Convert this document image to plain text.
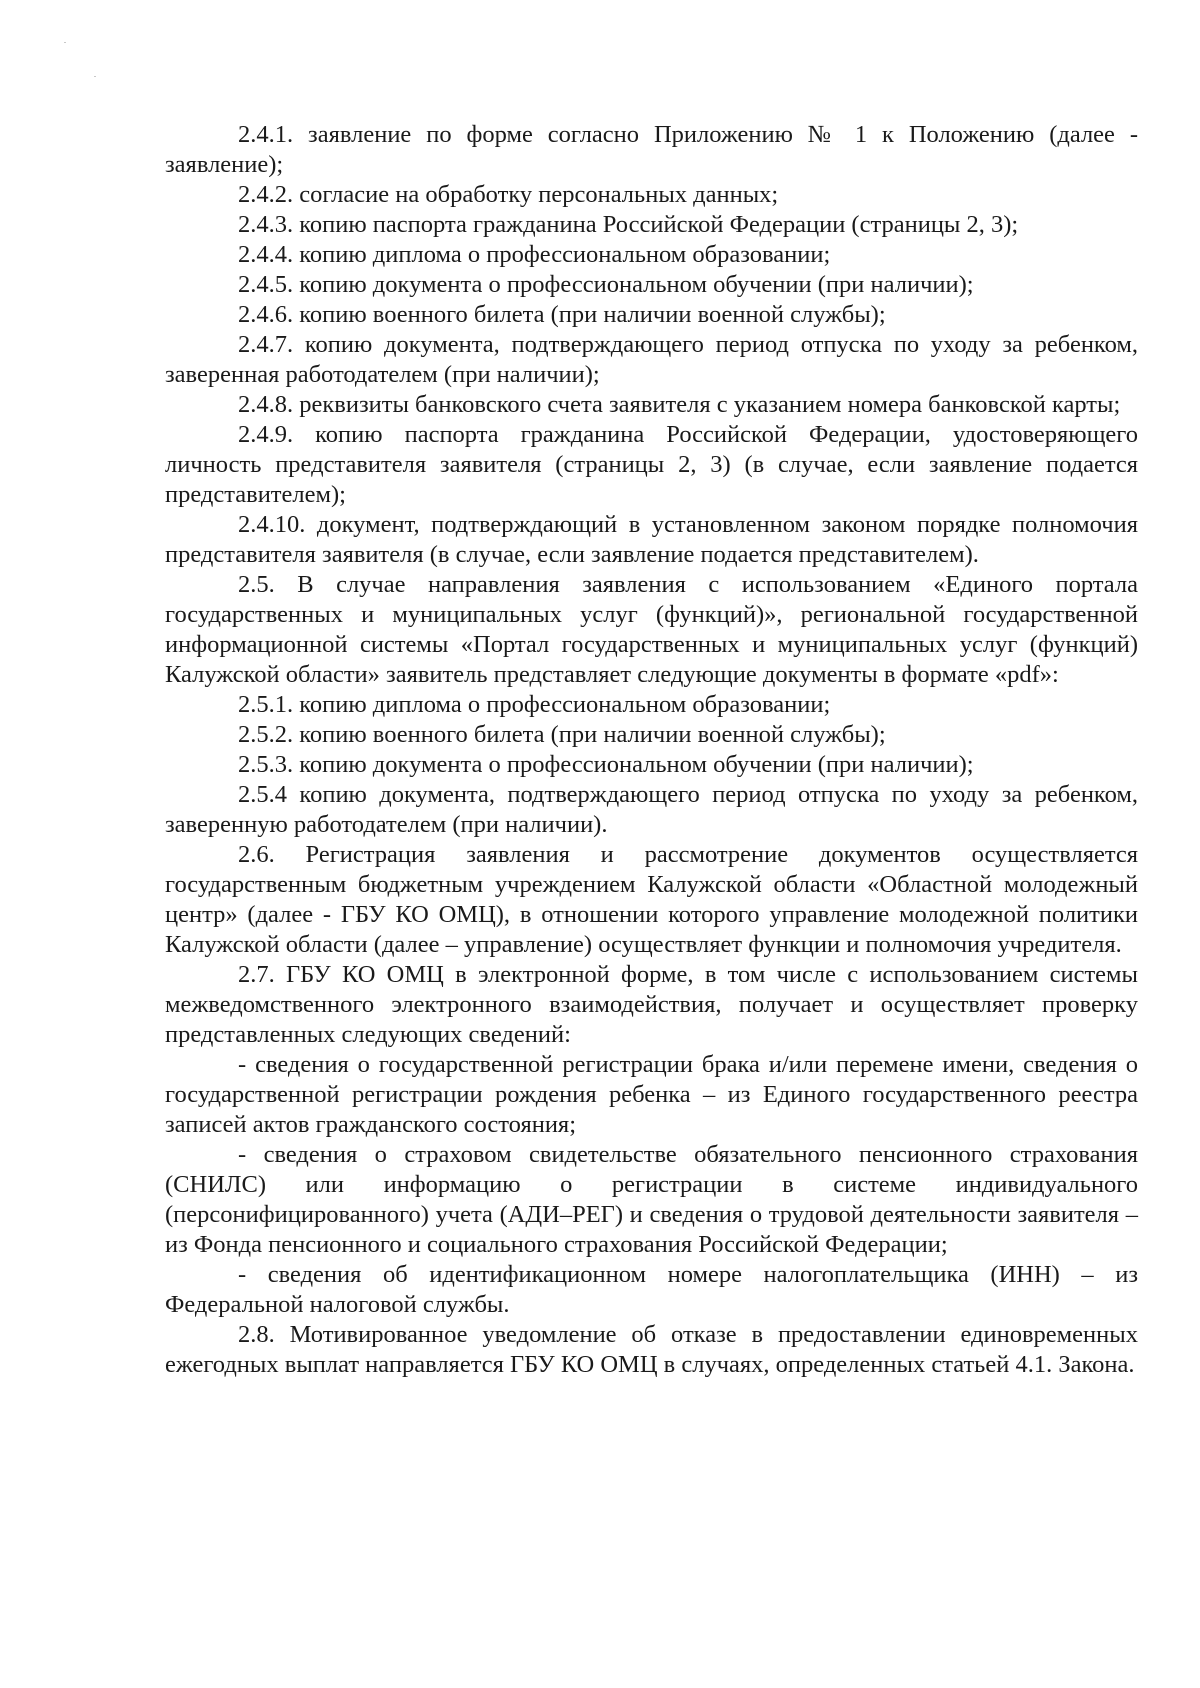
2.4.1. заявление по форме согласно Приложению № 1 к Положению (далее - заявление);

2.4.2. согласие на обработку персональных данных;

2.4.3. копию паспорта гражданина Российской Федерации (страницы 2, 3);

2.4.4. копию диплома о профессиональном образовании;

2.4.5. копию документа о профессиональном обучении (при наличии);

2.4.6. копию военного билета (при наличии военной службы);

2.4.7. копию документа, подтверждающего период отпуска по уходу за ребенком, заверенная работодателем (при наличии);

2.4.8. реквизиты банковского счета заявителя с указанием номера банковской карты;

2.4.9. копию паспорта гражданина Российской Федерации, удостоверяющего личность представителя заявителя (страницы 2, 3) (в случае, если заявление подается представителем);

2.4.10. документ, подтверждающий в установленном законом порядке полномочия представителя заявителя (в случае, если заявление подается представителем).

2.5. В случае направления заявления с использованием «Единого портала государственных и муниципальных услуг (функций)», региональной государственной информационной системы «Портал государственных и муниципальных услуг (функций) Калужской области» заявитель представляет следующие документы в формате «pdf»:

2.5.1. копию диплома о профессиональном образовании;

2.5.2. копию военного билета (при наличии военной службы);

2.5.3. копию документа о профессиональном обучении (при наличии);

2.5.4 копию документа, подтверждающего период отпуска по уходу за ребенком, заверенную работодателем (при наличии).

2.6. Регистрация заявления и рассмотрение документов осуществляется государственным бюджетным учреждением Калужской области «Областной молодежный центр» (далее - ГБУ КО ОМЦ), в отношении которого управление молодежной политики Калужской области (далее – управление) осуществляет функции и полномочия учредителя.

2.7. ГБУ КО ОМЦ в электронной форме, в том числе с использованием системы межведомственного электронного взаимодействия, получает и осуществляет проверку представленных следующих сведений:

- сведения о государственной регистрации брака и/или перемене имени, сведения о государственной регистрации рождения ребенка – из Единого государственного реестра записей актов гражданского состояния;

- сведения о страховом свидетельстве обязательного пенсионного страхования (СНИЛС) или информацию о регистрации в системе индивидуального (персонифицированного) учета (АДИ–РЕГ) и сведения о трудовой деятельности заявителя – из Фонда пенсионного и социального страхования Российской Федерации;

- сведения об идентификационном номере налогоплательщика (ИНН) – из Федеральной налоговой службы.

2.8. Мотивированное уведомление об отказе в предоставлении единовременных ежегодных выплат направляется ГБУ КО ОМЦ в случаях, определенных статьей 4.1. Закона.
